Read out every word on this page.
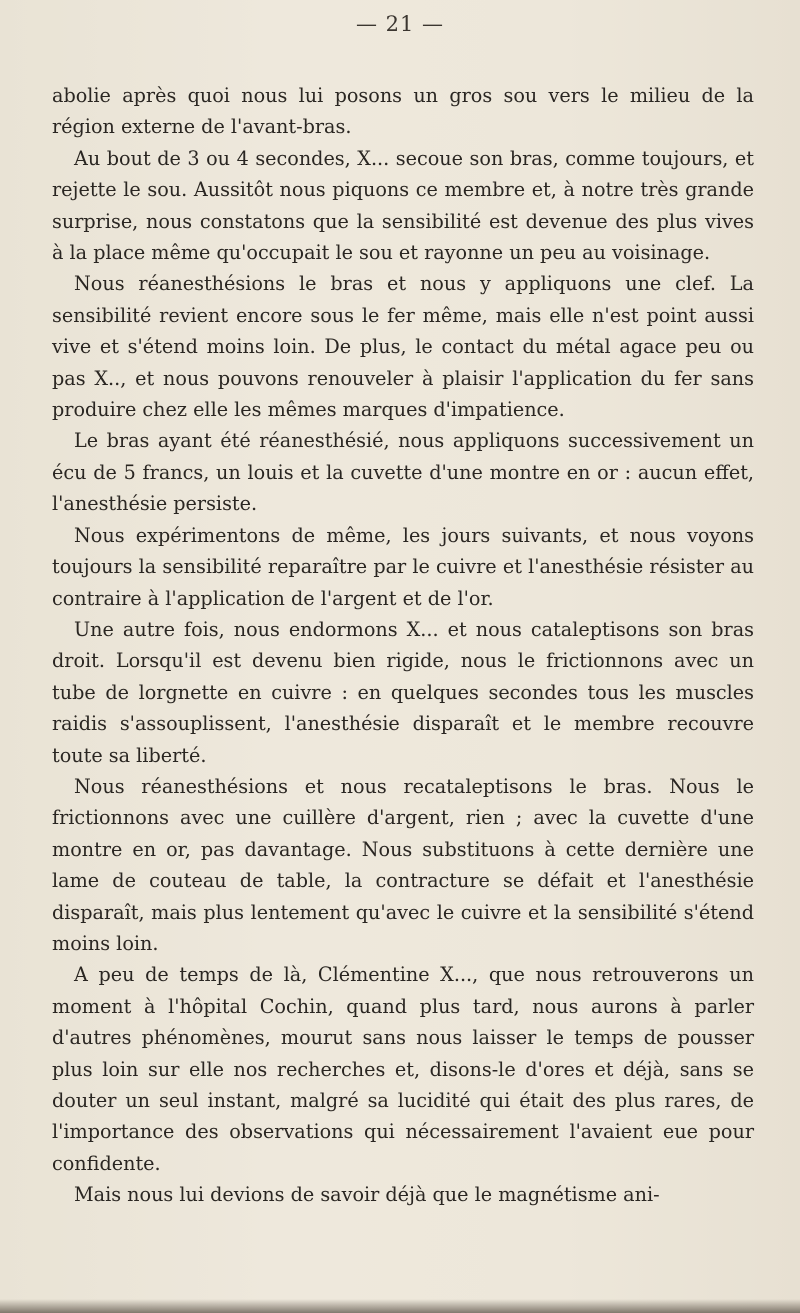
— 21 —

abolie après quoi nous lui posons un gros sou vers le milieu de la région externe de l'avant-bras.

Au bout de 3 ou 4 secondes, X... secoue son bras, comme toujours, et rejette le sou. Aussitôt nous piquons ce membre et, à notre très grande surprise, nous constatons que la sensibilité est devenue des plus vives à la place même qu'occupait le sou et rayonne un peu au voisinage.

Nous réanesthésions le bras et nous y appliquons une clef. La sensibilité revient encore sous le fer même, mais elle n'est point aussi vive et s'étend moins loin. De plus, le contact du métal agace peu ou pas X.., et nous pouvons renouveler à plaisir l'application du fer sans produire chez elle les mêmes marques d'impatience.

Le bras ayant été réanesthésié, nous appliquons successivement un écu de 5 francs, un louis et la cuvette d'une montre en or : aucun effet, l'anesthésie persiste.

Nous expérimentons de même, les jours suivants, et nous voyons toujours la sensibilité reparaître par le cuivre et l'anesthésie résister au contraire à l'application de l'argent et de l'or.

Une autre fois, nous endormons X... et nous cataleptisons son bras droit. Lorsqu'il est devenu bien rigide, nous le frictionnons avec un tube de lorgnette en cuivre : en quelques secondes tous les muscles raidis s'assouplissent, l'anesthésie disparaît et le membre recouvre toute sa liberté.

Nous réanesthésions et nous recataleptisons le bras. Nous le frictionnons avec une cuillère d'argent, rien ; avec la cuvette d'une montre en or, pas davantage. Nous substituons à cette dernière une lame de couteau de table, la contracture se défait et l'anesthésie disparaît, mais plus lentement qu'avec le cuivre et la sensibilité s'étend moins loin.

A peu de temps de là, Clémentine X..., que nous retrouverons un moment à l'hôpital Cochin, quand plus tard, nous aurons à parler d'autres phénomènes, mourut sans nous laisser le temps de pousser plus loin sur elle nos recherches et, disons-le d'ores et déjà, sans se douter un seul instant, malgré sa lucidité qui était des plus rares, de l'importance des observations qui nécessairement l'avaient eue pour confidente.

Mais nous lui devions de savoir déjà que le magnétisme ani-
